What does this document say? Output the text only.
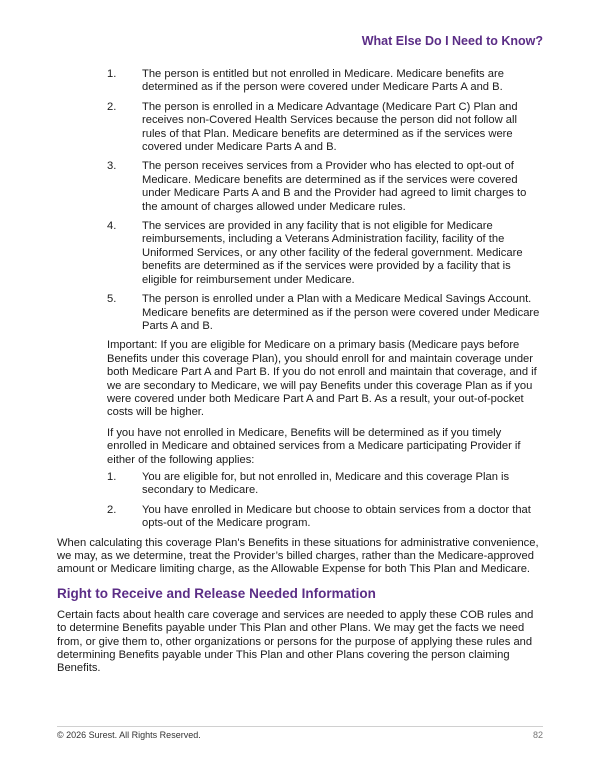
What Else Do I Need to Know?
1. The person is entitled but not enrolled in Medicare. Medicare benefits are determined as if the person were covered under Medicare Parts A and B.
2. The person is enrolled in a Medicare Advantage (Medicare Part C) Plan and receives non-Covered Health Services because the person did not follow all rules of that Plan. Medicare benefits are determined as if the services were covered under Medicare Parts A and B.
3. The person receives services from a Provider who has elected to opt-out of Medicare. Medicare benefits are determined as if the services were covered under Medicare Parts A and B and the Provider had agreed to limit charges to the amount of charges allowed under Medicare rules.
4. The services are provided in any facility that is not eligible for Medicare reimbursements, including a Veterans Administration facility, facility of the Uniformed Services, or any other facility of the federal government. Medicare benefits are determined as if the services were provided by a facility that is eligible for reimbursement under Medicare.
5. The person is enrolled under a Plan with a Medicare Medical Savings Account. Medicare benefits are determined as if the person were covered under Medicare Parts A and B.

Important: If you are eligible for Medicare on a primary basis (Medicare pays before Benefits under this coverage Plan), you should enroll for and maintain coverage under both Medicare Part A and Part B. If you do not enroll and maintain that coverage, and if we are secondary to Medicare, we will pay Benefits under this coverage Plan as if you were covered under both Medicare Part A and Part B. As a result, your out-of-pocket costs will be higher.

If you have not enrolled in Medicare, Benefits will be determined as if you timely enrolled in Medicare and obtained services from a Medicare participating Provider if either of the following applies:

1. You are eligible for, but not enrolled in, Medicare and this coverage Plan is secondary to Medicare.
2. You have enrolled in Medicare but choose to obtain services from a doctor that opts-out of the Medicare program.

When calculating this coverage Plan's Benefits in these situations for administrative convenience, we may, as we determine, treat the Provider’s billed charges, rather than the Medicare-approved amount or Medicare limiting charge, as the Allowable Expense for both This Plan and Medicare.

Right to Receive and Release Needed Information

Certain facts about health care coverage and services are needed to apply these COB rules and to determine Benefits payable under This Plan and other Plans. We may get the facts we need from, or give them to, other organizations or persons for the purpose of applying these rules and determining Benefits payable under This Plan and other Plans covering the person claiming Benefits.

© 2026 Surest. All Rights Reserved.	82
